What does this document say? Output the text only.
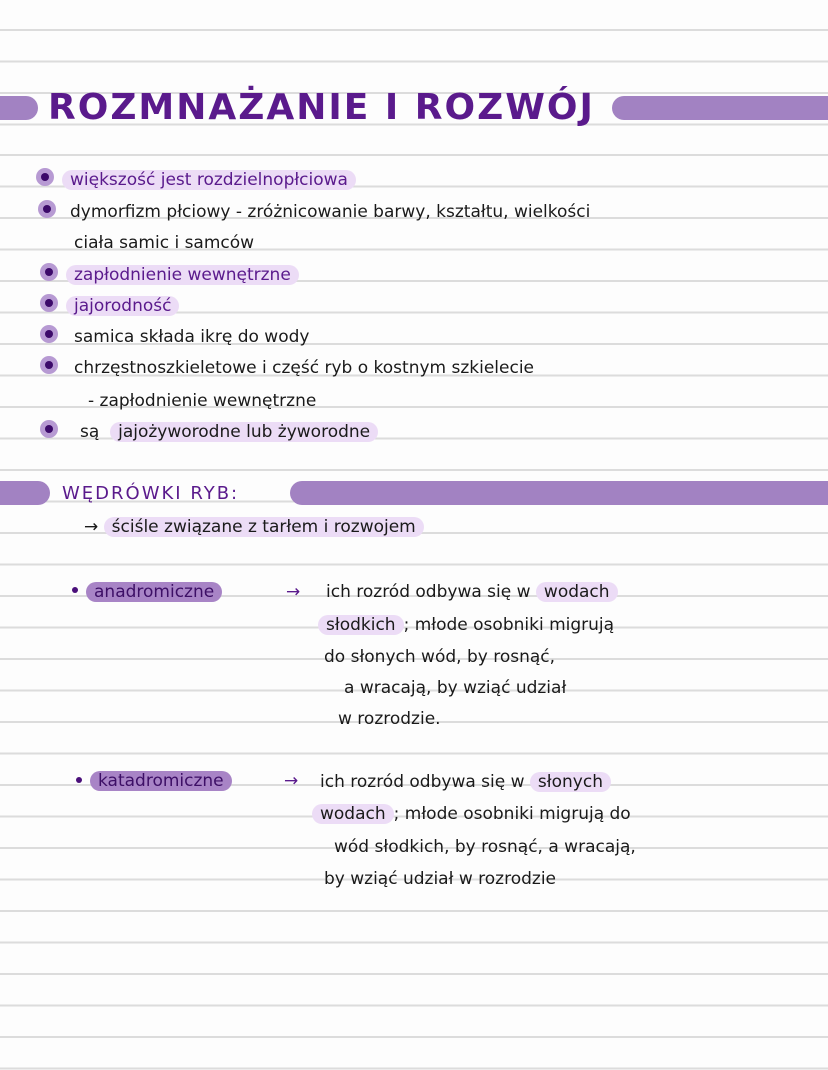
ROZMNAŻANIE I ROZWÓJ
większość jest rozdzielnopłciowa
dymorfizm płciowy - zróżnicowanie barwy, kształtu, wielkości
ciała samic i samców
zapłodnienie wewnętrzne
jajorodność
samica składa ikrę do wody
chrzęstnoszkieletowe i część ryb o kostnym szkielecie
- zapłodnienie wewnętrzne
są jajożyworodne lub żyworodne
WĘDRÓWKI RYB:
→ ściśle związane z tarłem i rozwojem
anadromiczne	→ ich rozród odbywa się w wodach
słodkich ; młode osobniki migrują
do słonych wód, by rosnąć,
a wracają, by wziąć udział
w rozrodzie.
katadromiczne	→ ich rozród odbywa się w słonych
wodach ; młode osobniki migrują do
wód słodkich, by rosnąć, a wracają,
by wziąć udział w rozrodzie
